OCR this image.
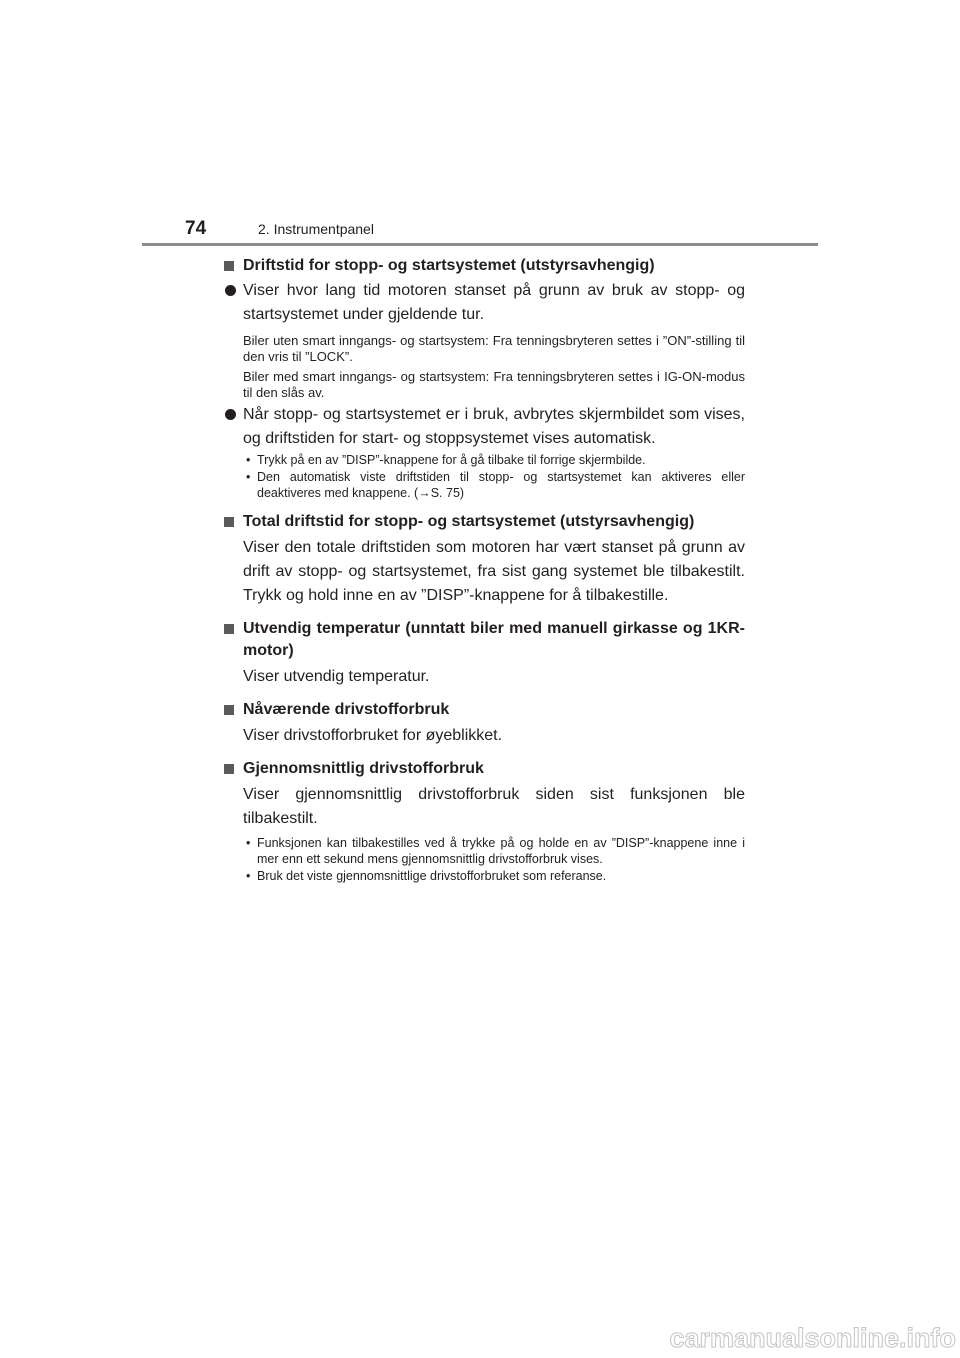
74	2. Instrumentpanel
Driftstid for stopp- og startsystemet (utstyrsavhengig)
Viser hvor lang tid motoren stanset på grunn av bruk av stopp- og startsystemet under gjeldende tur.
Biler uten smart inngangs- og startsystem: Fra tenningsbryteren settes i ”ON”-stilling til den vris til ”LOCK”.
Biler med smart inngangs- og startsystem: Fra tenningsbryteren settes i IG-ON-modus til den slås av.
Når stopp- og startsystemet er i bruk, avbrytes skjermbildet som vises, og driftstiden for start- og stoppsystemet vises automatisk.
• Trykk på en av ”DISP”-knappene for å gå tilbake til forrige skjermbilde.
• Den automatisk viste driftstiden til stopp- og startsystemet kan aktiveres eller deaktiveres med knappene. (→S. 75)
Total driftstid for stopp- og startsystemet (utstyrsavhengig)
Viser den totale driftstiden som motoren har vært stanset på grunn av drift av stopp- og startsystemet, fra sist gang systemet ble tilbakestilt. Trykk og hold inne en av ”DISP”-knappene for å tilbakestille.
Utvendig temperatur (unntatt biler med manuell girkasse og 1KR-motor)
Viser utvendig temperatur.
Nåværende drivstofforbruk
Viser drivstofforbruket for øyeblikket.
Gjennomsnittlig drivstofforbruk
Viser gjennomsnittlig drivstofforbruk siden sist funksjonen ble tilbakestilt.
• Funksjonen kan tilbakestilles ved å trykke på og holde en av ”DISP”-knappene inne i mer enn ett sekund mens gjennomsnittlig drivstofforbruk vises.
• Bruk det viste gjennomsnittlige drivstofforbruket som referanse.
carmanualsonline.info
